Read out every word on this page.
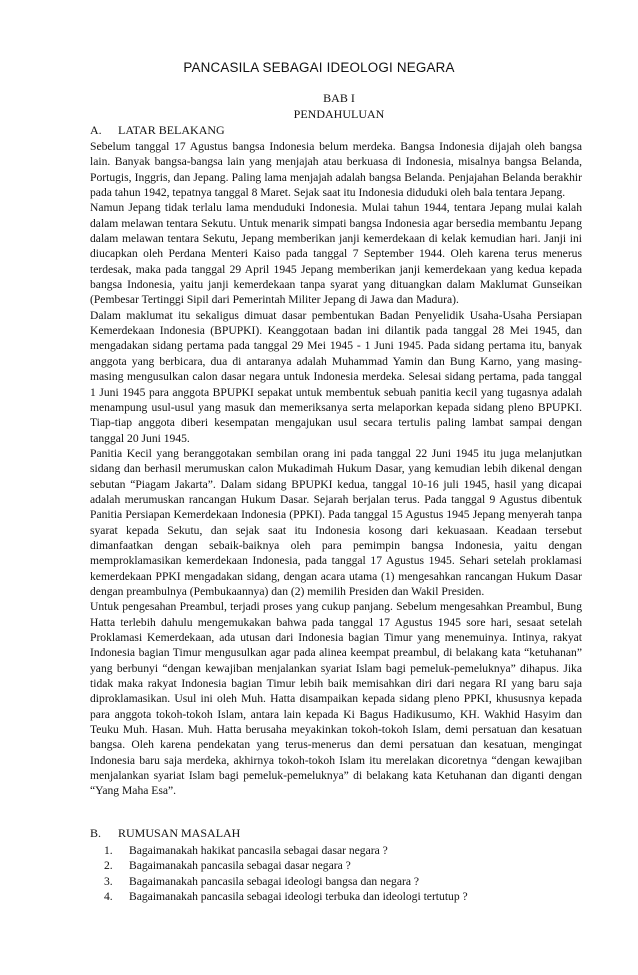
PANCASILA SEBAGAI IDEOLOGI NEGARA
BAB I
PENDAHULUAN
A. LATAR BELAKANG

Sebelum tanggal 17 Agustus bangsa Indonesia belum merdeka. Bangsa Indonesia dijajah oleh bangsa lain. Banyak bangsa-bangsa lain yang menjajah atau berkuasa di Indonesia, misalnya bangsa Belanda, Portugis, Inggris, dan Jepang. Paling lama menjajah adalah bangsa Belanda. Penjajahan Belanda berakhir pada tahun 1942, tepatnya tanggal 8 Maret. Sejak saat itu Indonesia diduduki oleh bala tentara Jepang.

Namun Jepang tidak terlalu lama menduduki Indonesia. Mulai tahun 1944, tentara Jepang mulai kalah dalam melawan tentara Sekutu. Untuk menarik simpati bangsa Indonesia agar bersedia membantu Jepang dalam melawan tentara Sekutu, Jepang memberikan janji kemerdekaan di kelak kemudian hari. Janji ini diucapkan oleh Perdana Menteri Kaiso pada tanggal 7 September 1944. Oleh karena terus menerus terdesak, maka pada tanggal 29 April 1945 Jepang memberikan janji kemerdekaan yang kedua kepada bangsa Indonesia, yaitu janji kemerdekaan tanpa syarat yang dituangkan dalam Maklumat Gunseikan (Pembesar Tertinggi Sipil dari Pemerintah Militer Jepang di Jawa dan Madura).

Dalam maklumat itu sekaligus dimuat dasar pembentukan Badan Penyelidik Usaha-Usaha Persiapan Kemerdekaan Indonesia (BPUPKI). Keanggotaan badan ini dilantik pada tanggal 28 Mei 1945, dan mengadakan sidang pertama pada tanggal 29 Mei 1945 - 1 Juni 1945. Pada sidang pertama itu, banyak anggota yang berbicara, dua di antaranya adalah Muhammad Yamin dan Bung Karno, yang masing-masing mengusulkan calon dasar negara untuk Indonesia merdeka. Selesai sidang pertama, pada tanggal 1 Juni 1945 para anggota BPUPKI sepakat untuk membentuk sebuah panitia kecil yang tugasnya adalah menampung usul-usul yang masuk dan memeriksanya serta melaporkan kepada sidang pleno BPUPKI. Tiap-tiap anggota diberi kesempatan mengajukan usul secara tertulis paling lambat sampai dengan tanggal 20 Juni 1945.

Panitia Kecil yang beranggotakan sembilan orang ini pada tanggal 22 Juni 1945 itu juga melanjutkan sidang dan berhasil merumuskan calon Mukadimah Hukum Dasar, yang kemudian lebih dikenal dengan sebutan “Piagam Jakarta”. Dalam sidang BPUPKI kedua, tanggal 10-16 juli 1945, hasil yang dicapai adalah merumuskan rancangan Hukum Dasar. Sejarah berjalan terus. Pada tanggal 9 Agustus dibentuk Panitia Persiapan Kemerdekaan Indonesia (PPKI). Pada tanggal 15 Agustus 1945 Jepang menyerah tanpa syarat kepada Sekutu, dan sejak saat itu Indonesia kosong dari kekuasaan. Keadaan tersebut dimanfaatkan dengan sebaik-baiknya oleh para pemimpin bangsa Indonesia, yaitu dengan memproklamasikan kemerdekaan Indonesia, pada tanggal 17 Agustus 1945. Sehari setelah proklamasi kemerdekaan PPKI mengadakan sidang, dengan acara utama (1) mengesahkan rancangan Hukum Dasar dengan preambulnya (Pembukaannya) dan (2) memilih Presiden dan Wakil Presiden.

Untuk pengesahan Preambul, terjadi proses yang cukup panjang. Sebelum mengesahkan Preambul, Bung Hatta terlebih dahulu mengemukakan bahwa pada tanggal 17 Agustus 1945 sore hari, sesaat setelah Proklamasi Kemerdekaan, ada utusan dari Indonesia bagian Timur yang menemuinya. Intinya, rakyat Indonesia bagian Timur mengusulkan agar pada alinea keempat preambul, di belakang kata “ketuhanan” yang berbunyi “dengan kewajiban menjalankan syariat Islam bagi pemeluk-pemeluknya” dihapus. Jika tidak maka rakyat Indonesia bagian Timur lebih baik memisahkan diri dari negara RI yang baru saja diproklamasikan. Usul ini oleh Muh. Hatta disampaikan kepada sidang pleno PPKI, khususnya kepada para anggota tokoh-tokoh Islam, antara lain kepada Ki Bagus Hadikusumo, KH. Wakhid Hasyim dan Teuku Muh. Hasan. Muh. Hatta berusaha meyakinkan tokoh-tokoh Islam, demi persatuan dan kesatuan bangsa. Oleh karena pendekatan yang terus-menerus dan demi persatuan dan kesatuan, mengingat Indonesia baru saja merdeka, akhirnya tokoh-tokoh Islam itu merelakan dicoretnya “dengan kewajiban menjalankan syariat Islam bagi pemeluk-pemeluknya” di belakang kata Ketuhanan dan diganti dengan “Yang Maha Esa”.

B. RUMUSAN MASALAH
1.	Bagaimanakah hakikat pancasila sebagai dasar negara ?
2.	Bagaimanakah pancasila sebagai dasar negara ?
3.	Bagaimanakah pancasila sebagai ideologi bangsa dan negara ?
4.	Bagaimanakah pancasila sebagai ideologi terbuka dan ideologi tertutup ?
